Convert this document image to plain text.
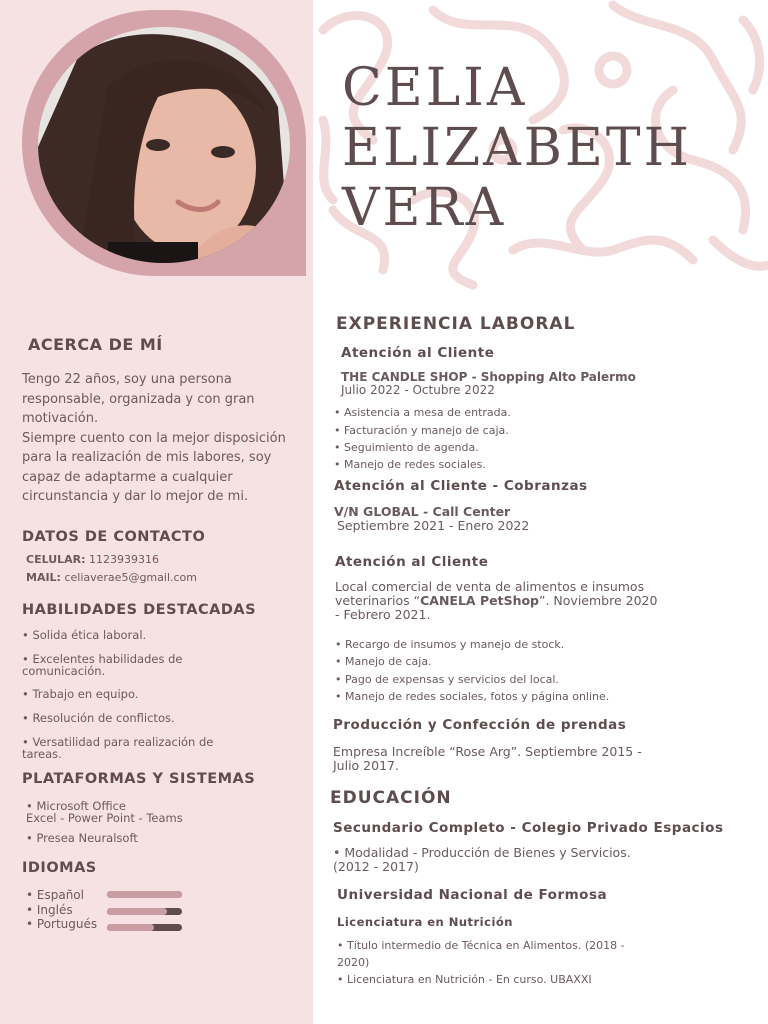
CELIA
ELIZABETH
VERA
ACERCA DE MÍ

Tengo 22 años, soy una persona responsable, organizada y con gran motivación.
Siempre cuento con la mejor disposición para la realización de mis labores, soy capaz de adaptarme a cualquier circunstancia y dar lo mejor de mi.

DATOS DE CONTACTO

CELULAR: 1123939316

MAIL: celiaverae5@gmail.com

HABILIDADES DESTACADAS

• Solida ética laboral.

• Excelentes habilidades de comunicación.

• Trabajo en equipo.

• Resolución de conflictos.

• Versatilidad para realización de tareas.

PLATAFORMAS Y SISTEMAS

• Microsoft Office

Excel - Power Point - Teams

• Presea Neuralsoft

IDIOMAS
• Español
• Inglés
• Portugués
EXPERIENCIA LABORAL
Atención al Cliente

THE CANDLE SHOP - Shopping Alto Palermo

Julio 2022 - Octubre 2022

• Asistencia a mesa de entrada.

• Facturación y manejo de caja.

• Seguimiento de agenda.

• Manejo de redes sociales.

Atención al Cliente - Cobranzas

V/N GLOBAL - Call Center

Septiembre 2021 - Enero 2022

Atención al Cliente

Local comercial de venta de alimentos e insumos veterinarios “CANELA PetShop”. Noviembre 2020 - Febrero 2021.

• Recargo de insumos y manejo de stock.

• Manejo de caja.

• Pago de expensas y servicios del local.

• Manejo de redes sociales, fotos y página online.

Producción y Confección de prendas

Empresa Increíble “Rose Arg”. Septiembre 2015 - Julio 2017.

EDUCACIÓN
Secundario Completo - Colegio Privado Espacios

• Modalidad - Producción de Bienes y Servicios. (2012 - 2017)

Universidad Nacional de Formosa
Licenciatura en Nutrición

• Título intermedio de Técnica en Alimentos. (2018 - 2020)

• Licenciatura en Nutrición - En curso. UBAXXI
